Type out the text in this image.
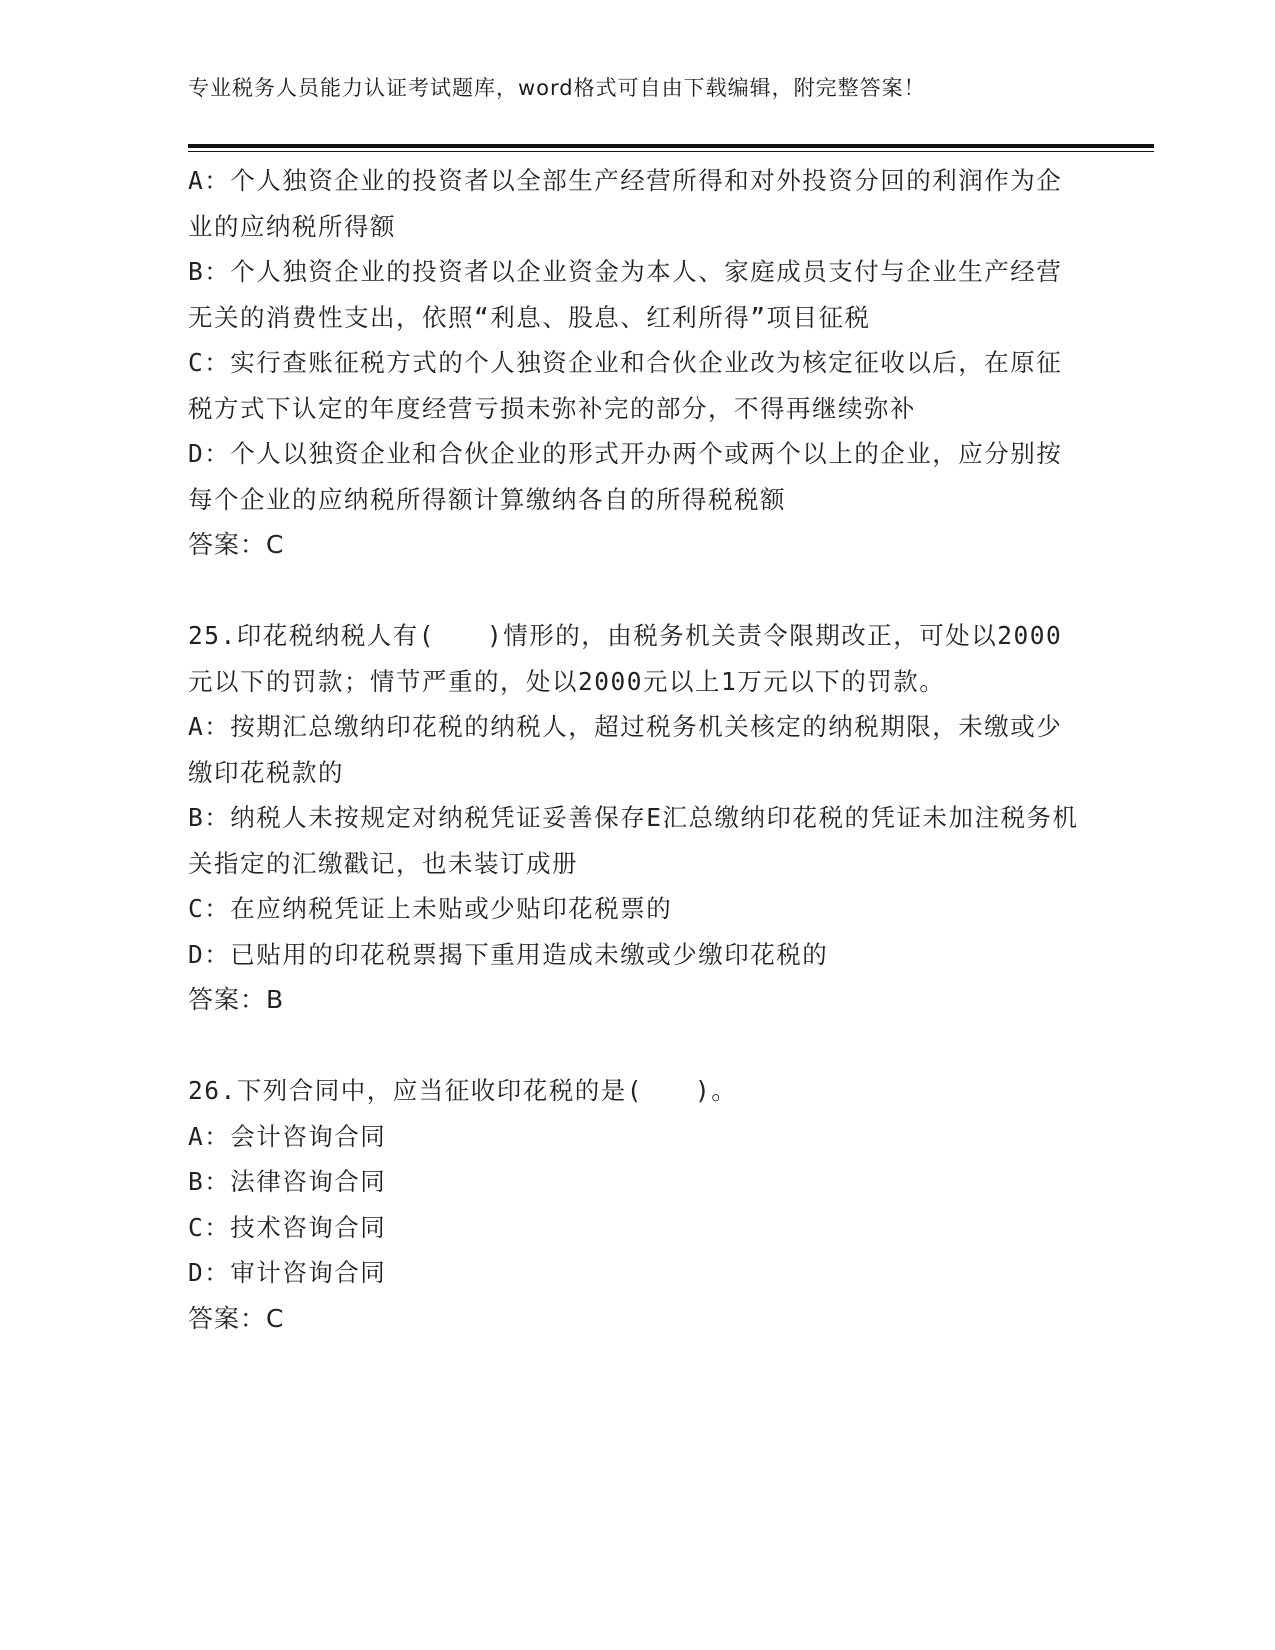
专业税务人员能力认证考试题库，word格式可自由下载编辑，附完整答案！

A：个人独资企业的投资者以全部生产经营所得和对外投资分回的利润作为企业的应纳税所得额

B：个人独资企业的投资者以企业资金为本人、家庭成员支付与企业生产经营无关的消费性支出，依照“利息、股息、红利所得”项目征税

C：实行查账征税方式的个人独资企业和合伙企业改为核定征收以后，在原征税方式下认定的年度经营亏损未弥补完的部分，不得再继续弥补

D：个人以独资企业和合伙企业的形式开办两个或两个以上的企业，应分别按每个企业的应纳税所得额计算缴纳各自的所得税税额

答案：C

25.印花税纳税人有(　　)情形的，由税务机关责令限期改正，可处以2000元以下的罚款；情节严重的，处以2000元以上1万元以下的罚款。

A：按期汇总缴纳印花税的纳税人，超过税务机关核定的纳税期限，未缴或少缴印花税款的

B：纳税人未按规定对纳税凭证妥善保存E汇总缴纳印花税的凭证未加注税务机关指定的汇缴戳记，也未装订成册

C：在应纳税凭证上未贴或少贴印花税票的

D：已贴用的印花税票揭下重用造成未缴或少缴印花税的

答案：B

26.下列合同中，应当征收印花税的是(　　)。

A：会计咨询合同

B：法律咨询合同

C：技术咨询合同

D：审计咨询合同

答案：C
